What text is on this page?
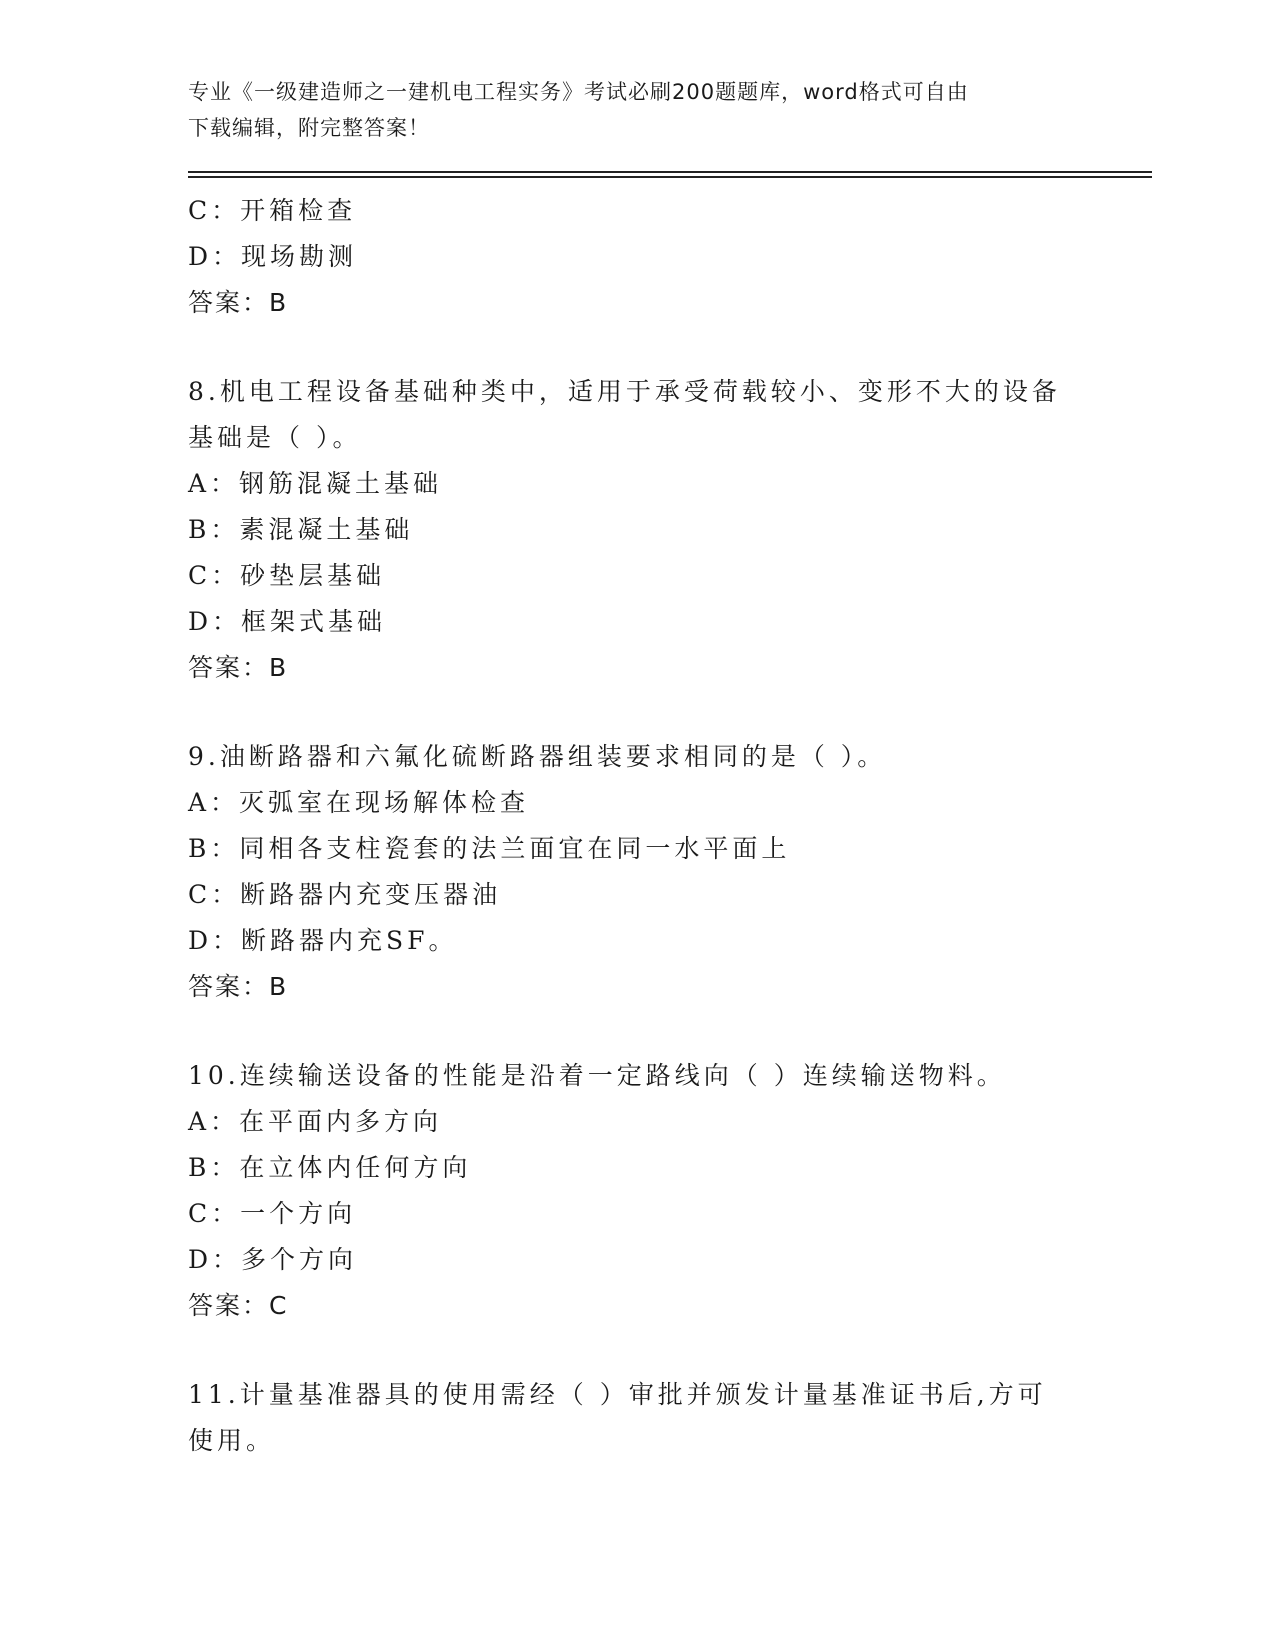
专业《一级建造师之一建机电工程实务》考试必刷200题题库，word格式可自由
下载编辑，附完整答案！
C：开箱检查
D：现场勘测
答案：B
8.机电工程设备基础种类中，适用于承受荷载较小、变形不大的设备
基础是（ ）。
A：钢筋混凝土基础
B：素混凝土基础
C：砂垫层基础
D：框架式基础
答案：B
9.油断路器和六氟化硫断路器组装要求相同的是（ ）。
A：灭弧室在现场解体检查
B：同相各支柱瓷套的法兰面宜在同一水平面上
C：断路器内充变压器油
D：断路器内充SF。
答案：B
10.连续输送设备的性能是沿着一定路线向（ ）连续输送物料。
A：在平面内多方向
B：在立体内任何方向
C：一个方向
D：多个方向
答案：C
11.计量基准器具的使用需经（ ）审批并颁发计量基准证书后,方可
使用。
